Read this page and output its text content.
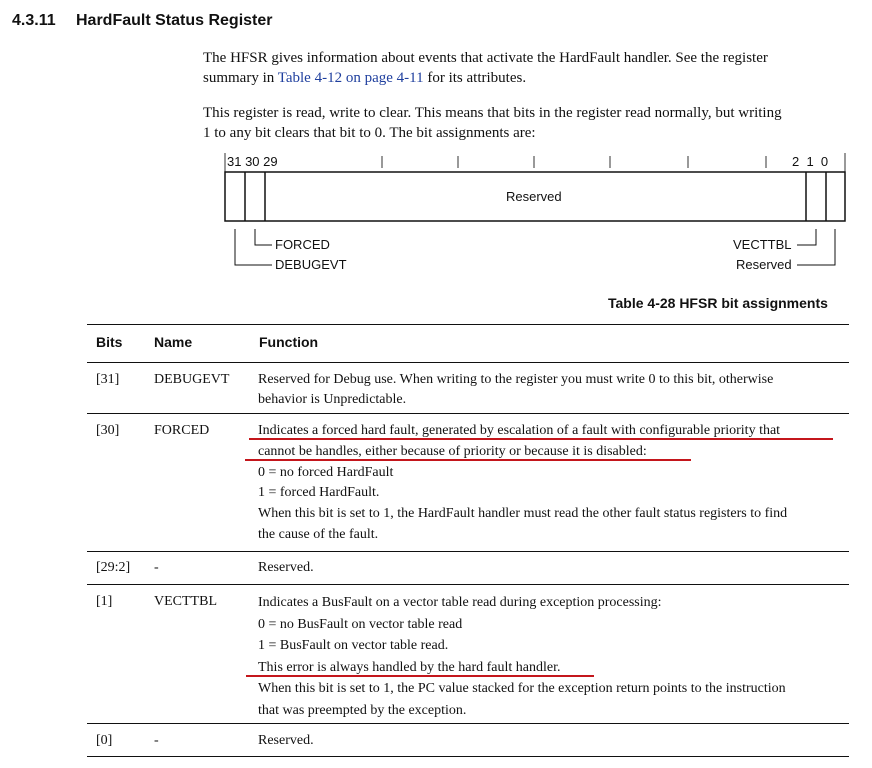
4.3.11 HardFault Status Register
The HFSR gives information about events that activate the HardFault handler. See the register
summary in Table 4-12 on page 4-11 for its attributes.
This register is read, write to clear. This means that bits in the register read normally, but writing
1 to any bit clears that bit to 0. The bit assignments are:
31 30 29	2  1  0
Reserved
FORCED
DEBUGEVT
VECTTBL
Reserved
Table 4-28 HFSR bit assignments
Bits Name	Function
[31] DEBUGEVT Reserved for Debug use. When writing to the register you must write 0 to this bit, otherwise
behavior is Unpredictable.
[30] FORCED	Indicates a forced hard fault, generated by escalation of a fault with configurable priority that
cannot be handles, either because of priority or because it is disabled:
0 = no forced HardFault
1 = forced HardFault.
When this bit is set to 1, the HardFault handler must read the other fault status registers to find
the cause of the fault.
[29:2] -	Reserved.
[1]	VECTTBL	Indicates a BusFault on a vector table read during exception processing:
0 = no BusFault on vector table read
1 = BusFault on vector table read.
This error is always handled by the hard fault handler.
When this bit is set to 1, the PC value stacked for the exception return points to the instruction
that was preempted by the exception.
[0]	-	Reserved.
